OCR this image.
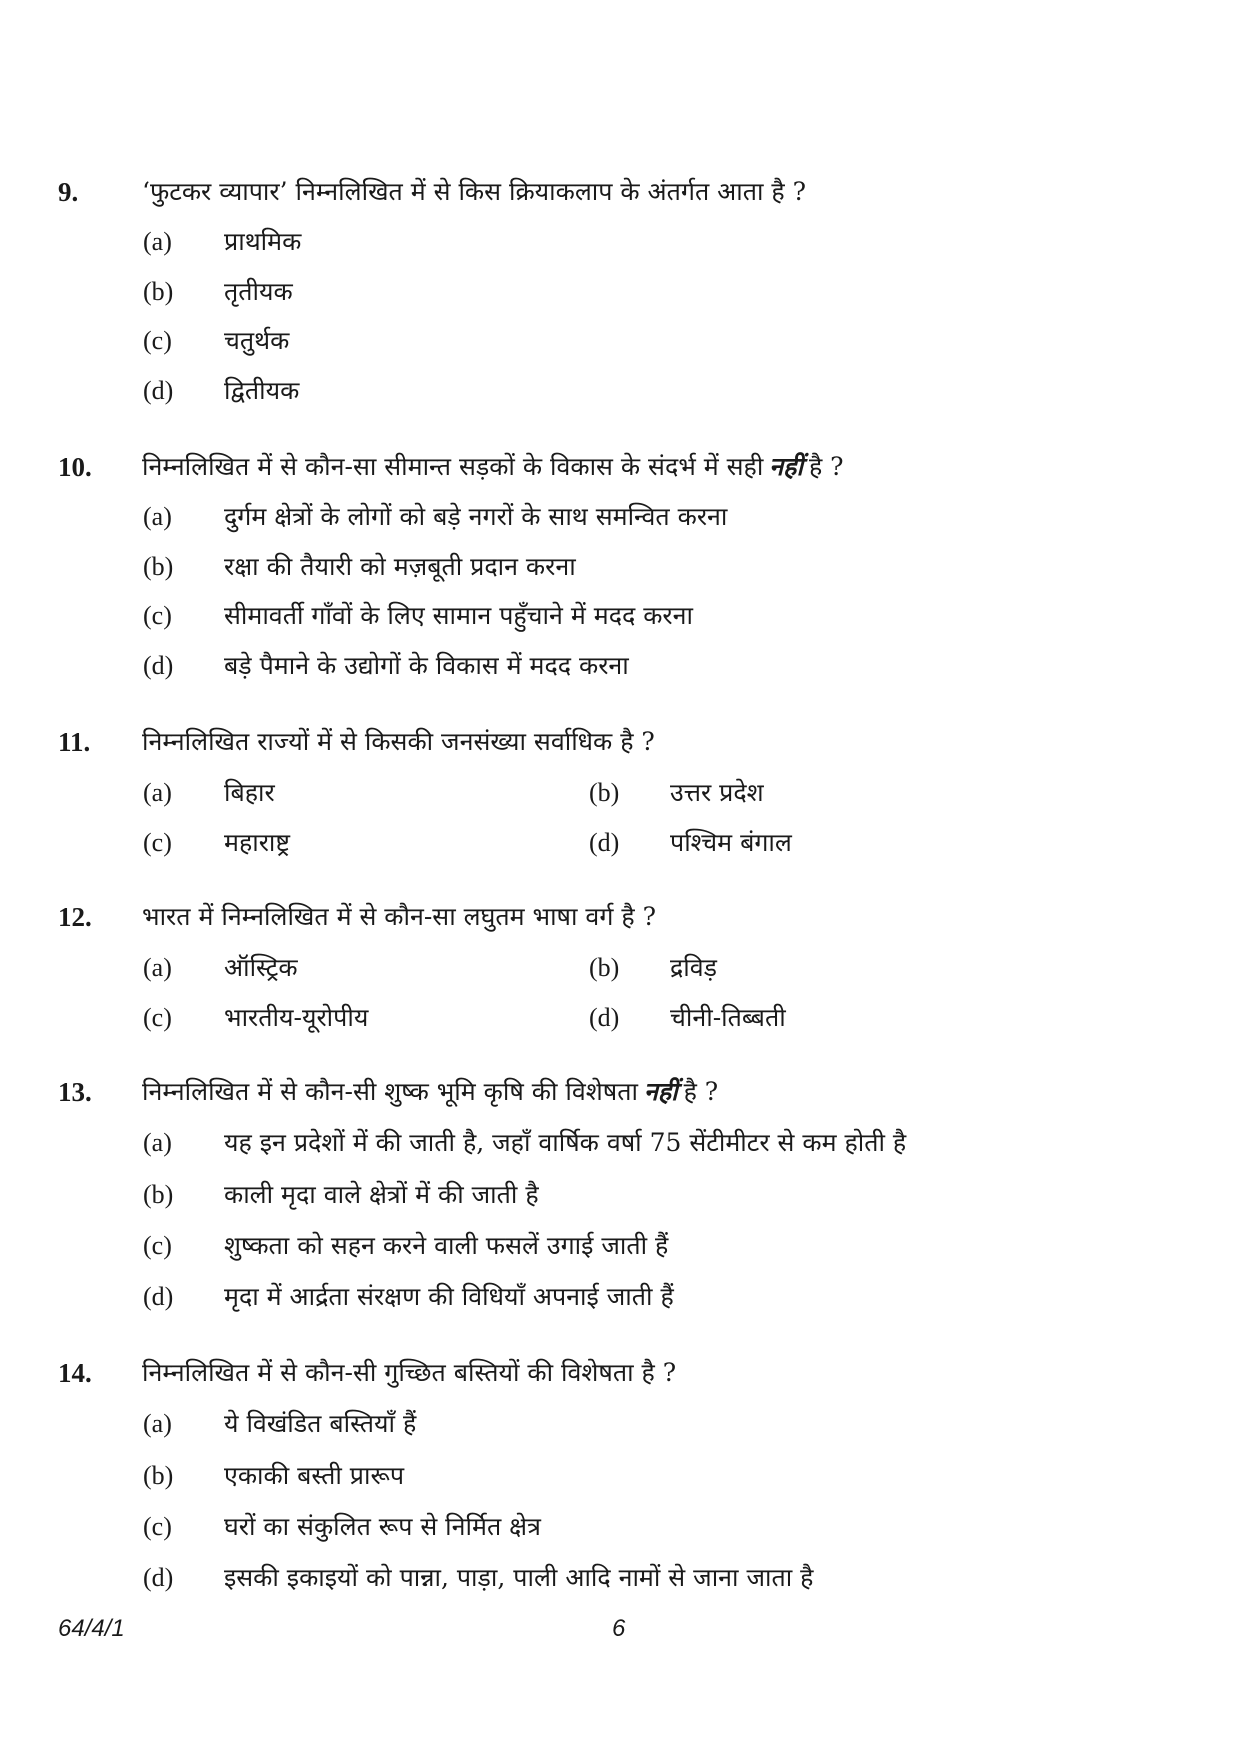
9.	‘फुटकर व्यापार’ निम्नलिखित में से किस क्रियाकलाप के अंतर्गत आता है ?
(a) प्राथमिक
(b) तृतीयक
(c) चतुर्थक
(d) द्वितीयक
10. निम्नलिखित में से कौन-सा सीमान्त सड़कों के विकास के संदर्भ में सही नहीं है ?
(a) दुर्गम क्षेत्रों के लोगों को बड़े नगरों के साथ समन्वित करना
(b) रक्षा की तैयारी को मज़बूती प्रदान करना
(c) सीमावर्ती गाँवों के लिए सामान पहुँचाने में मदद करना
(d) बड़े पैमाने के उद्योगों के विकास में मदद करना
11. निम्नलिखित राज्यों में से किसकी जनसंख्या सर्वाधिक है ?
(a) बिहार	(b) उत्तर प्रदेश
(c) महाराष्ट्र	(d) पश्चिम बंगाल
12. भारत में निम्नलिखित में से कौन-सा लघुतम भाषा वर्ग है ?
(a) ऑस्ट्रिक	(b) द्रविड़
(c) भारतीय-यूरोपीय	(d) चीनी-तिब्बती
13. निम्नलिखित में से कौन-सी शुष्क भूमि कृषि की विशेषता नहीं है ?
(a) यह इन प्रदेशों में की जाती है, जहाँ वार्षिक वर्षा 75 सेंटीमीटर से कम होती है
(b) काली मृदा वाले क्षेत्रों में की जाती है
(c) शुष्कता को सहन करने वाली फसलें उगाई जाती हैं
(d) मृदा में आर्द्रता संरक्षण की विधियाँ अपनाई जाती हैं
14. निम्नलिखित में से कौन-सी गुच्छित बस्तियों की विशेषता है ?
(a) ये विखंडित बस्तियाँ हैं
(b) एकाकी बस्ती प्रारूप
(c) घरों का संकुलित रूप से निर्मित क्षेत्र
(d) इसकी इकाइयों को पान्ना, पाड़ा, पाली आदि नामों से जाना जाता है
64/4/1	6
